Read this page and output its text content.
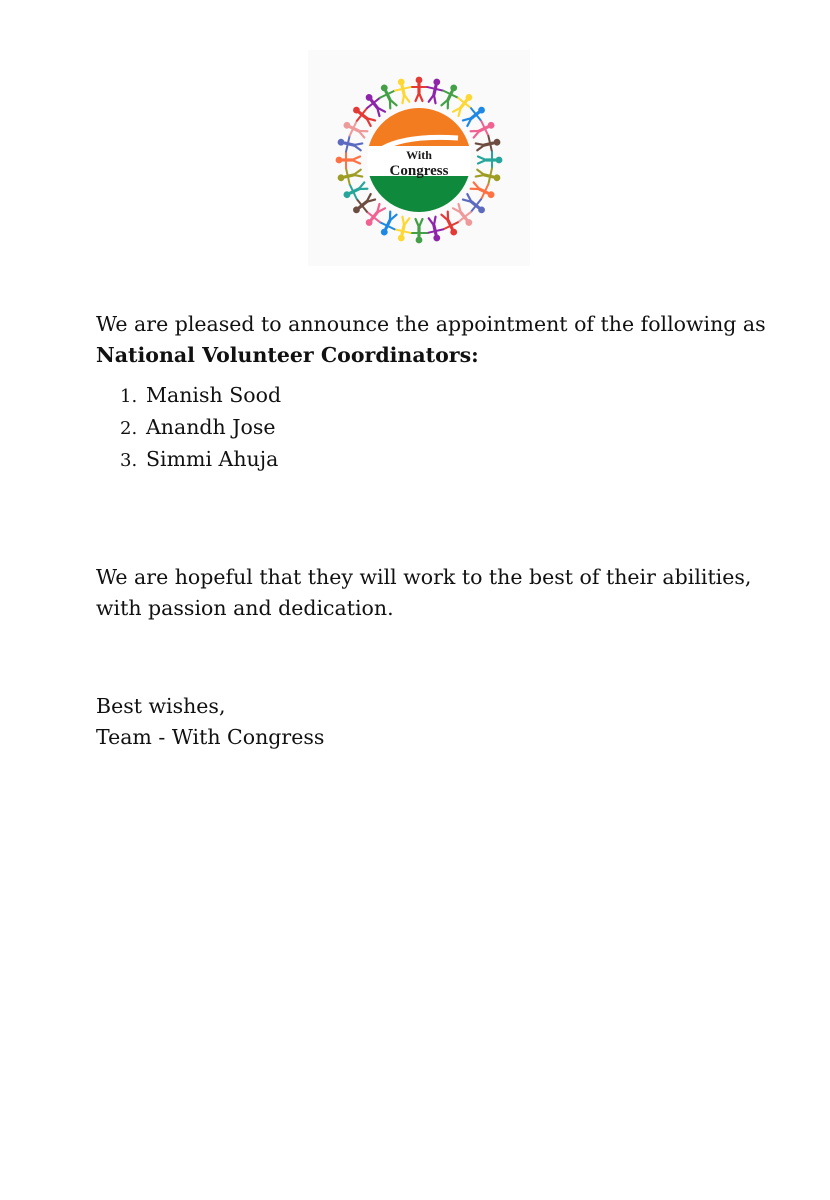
With
Congress

We are pleased to announce the appointment of the following as National Volunteer Coordinators:

1. Manish Sood
2. Anandh Jose
3. Simmi Ahuja

We are hopeful that they will work to the best of their abilities, with passion and dedication.

Best wishes,

Team - With Congress
